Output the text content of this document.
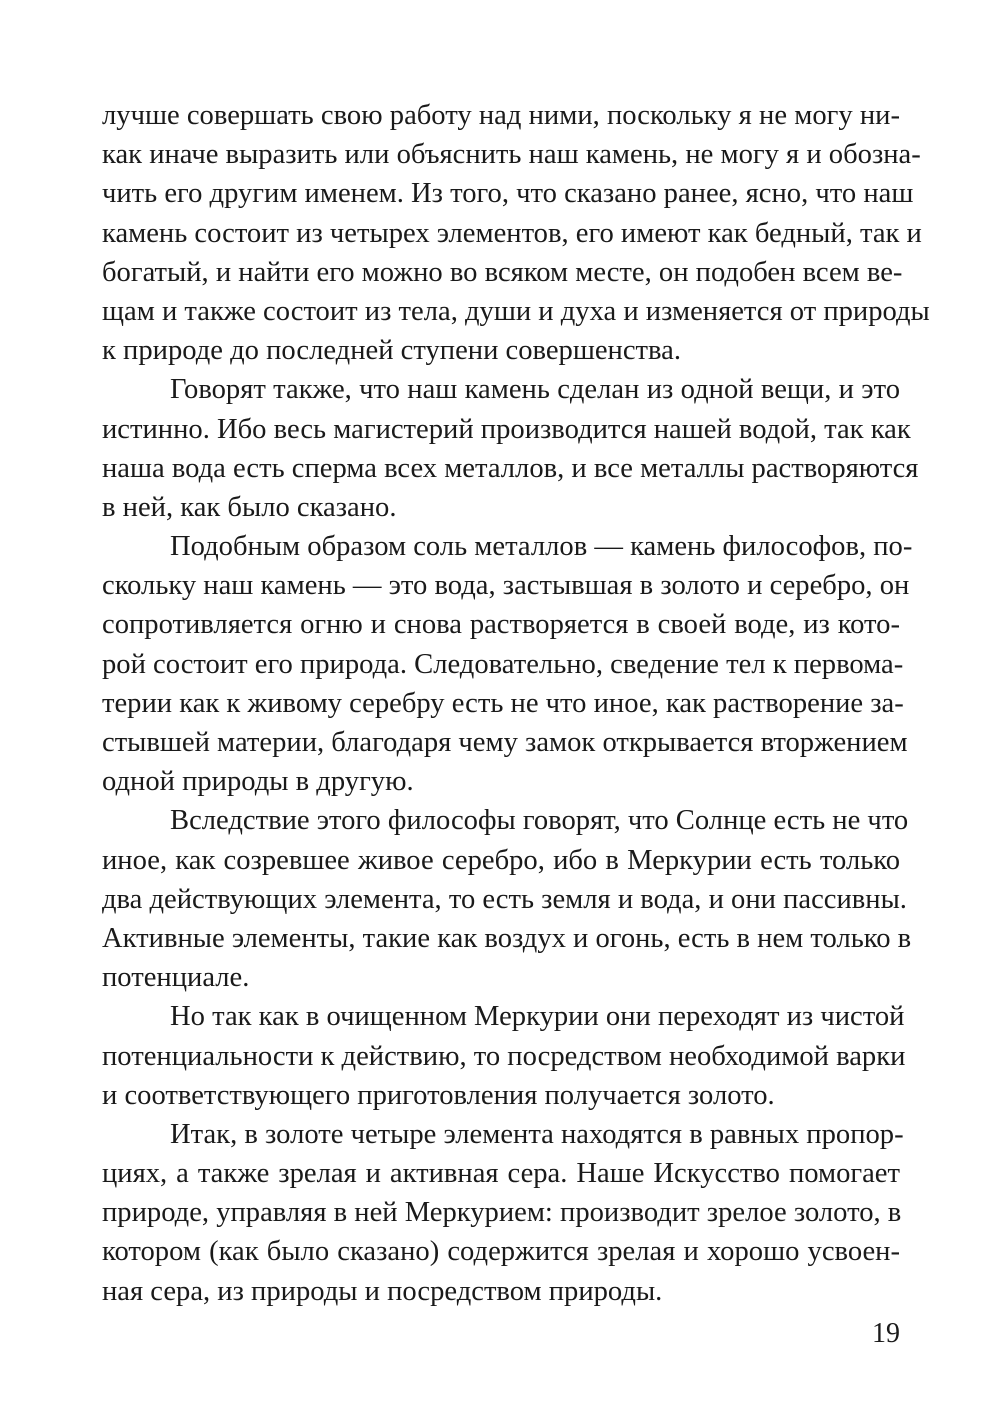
лучше совершать свою работу над ними, поскольку я не могу ни-
как иначе выразить или объяснить наш камень, не могу я и обозна-
чить его другим именем. Из того, что сказано ранее, ясно, что наш
камень состоит из четырех элементов, его имеют как бедный, так и
богатый, и найти его можно во всяком месте, он подобен всем ве-
щам и также состоит из тела, души и духа и изменяется от природы
к природе до последней ступени совершенства.
Говорят также, что наш камень сделан из одной вещи, и это
истинно. Ибо весь магистерий производится нашей водой, так как
наша вода есть сперма всех металлов, и все металлы растворяются
в ней, как было сказано.
Подобным образом соль металлов — камень философов, по-
скольку наш камень — это вода, застывшая в золото и серебро, он
сопротивляется огню и снова растворяется в своей воде, из кото-
рой состоит его природа. Следовательно, сведение тел к первома-
терии как к живому серебру есть не что иное, как растворение за-
стывшей материи, благодаря чему замок открывается вторжением
одной природы в другую.
Вследствие этого философы говорят, что Солнце есть не что
иное, как созревшее живое серебро, ибо в Меркурии есть только
два действующих элемента, то есть земля и вода, и они пассивны.
Активные элементы, такие как воздух и огонь, есть в нем только в
потенциале.
Но так как в очищенном Меркурии они переходят из чистой
потенциальности к действию, то посредством необходимой варки
и соответствующего приготовления получается золото.
Итак, в золоте четыре элемента находятся в равных пропор-
циях, а также зрелая и активная сера. Наше Искусство помогает
природе, управляя в ней Меркурием: производит зрелое золото, в
котором (как было сказано) содержится зрелая и хорошо усвоен-
ная сера, из природы и посредством природы.
19
